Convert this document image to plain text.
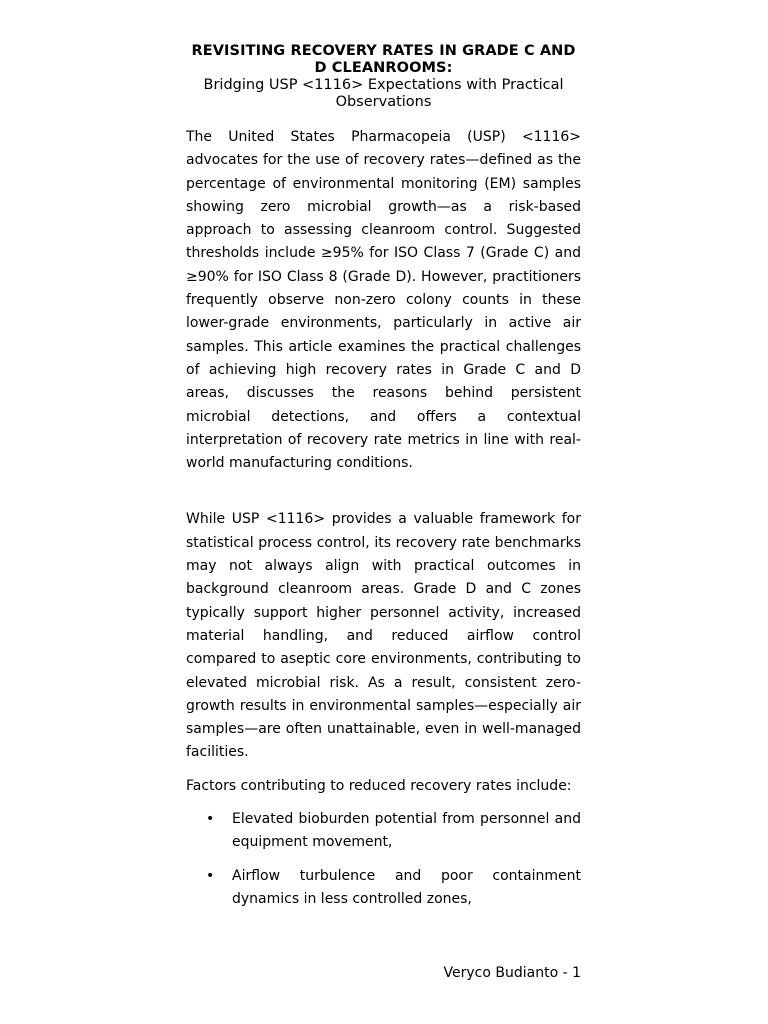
REVISITING RECOVERY RATES IN GRADE C AND D CLEANROOMS:
Bridging USP <1116> Expectations with Practical Observations

The United States Pharmacopeia (USP) <1116> advocates for the use of recovery rates—defined as the percentage of environmental monitoring (EM) samples showing zero microbial growth—as a risk-based approach to assessing cleanroom control. Suggested thresholds include ≥95% for ISO Class 7 (Grade C) and ≥90% for ISO Class 8 (Grade D). However, practitioners frequently observe non-zero colony counts in these lower-grade environments, particularly in active air samples. This article examines the practical challenges of achieving high recovery rates in Grade C and D areas, discusses the reasons behind persistent microbial detections, and offers a contextual interpretation of recovery rate metrics in line with real-world manufacturing conditions.

While USP <1116> provides a valuable framework for statistical process control, its recovery rate benchmarks may not always align with practical outcomes in background cleanroom areas. Grade D and C zones typically support higher personnel activity, increased material handling, and reduced airflow control compared to aseptic core environments, contributing to elevated microbial risk. As a result, consistent zero-growth results in environmental samples—especially air samples—are often unattainable, even in well-managed facilities.

Factors contributing to reduced recovery rates include:

• Elevated bioburden potential from personnel and equipment movement,
• Airflow turbulence and poor containment dynamics in less controlled zones,
Veryco Budianto - 1
